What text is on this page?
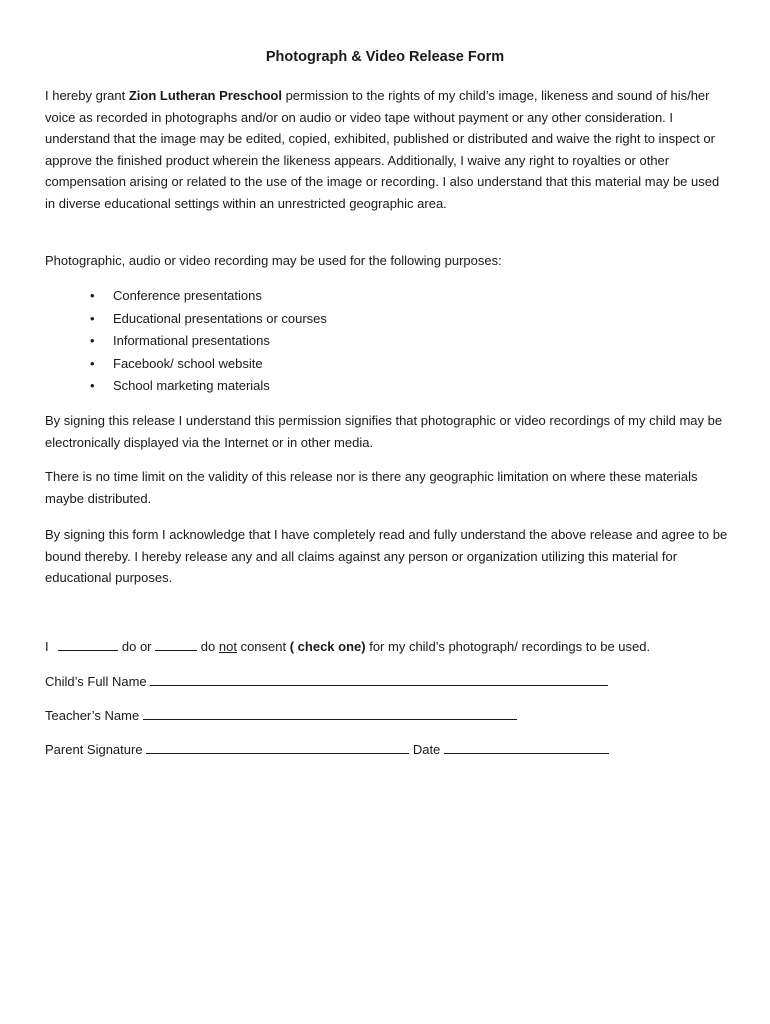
Photograph & Video Release Form

I hereby grant Zion Lutheran Preschool permission to the rights of my child’s image, likeness and sound of his/her voice as recorded in photographs and/or on audio or video tape without payment or any other consideration. I understand that the image may be edited, copied, exhibited, published or distributed and waive the right to inspect or approve the finished product wherein the likeness appears. Additionally, I waive any right to royalties or other compensation arising or related to the use of the image or recording. I also understand that this material may be used in diverse educational settings within an unrestricted geographic area.

Photographic, audio or video recording may be used for the following purposes:

• Conference presentations
• Educational presentations or courses
• Informational presentations
• Facebook/ school website
• School marketing materials

By signing this release I understand this permission signifies that photographic or video recordings of my child may be electronically displayed via the Internet or in other media.

There is no time limit on the validity of this release nor is there any geographic limitation on where these materials maybe distributed.

By signing this form I acknowledge that I have completely read and fully understand the above release and agree to be bound thereby. I hereby release any and all claims against any person or organization utilizing this material for educational purposes.

I	do or	do not consent ( check one) for my child’s photograph/ recordings to be used.
Child’s Full Name
Teacher’s Name
Parent Signature	Date
